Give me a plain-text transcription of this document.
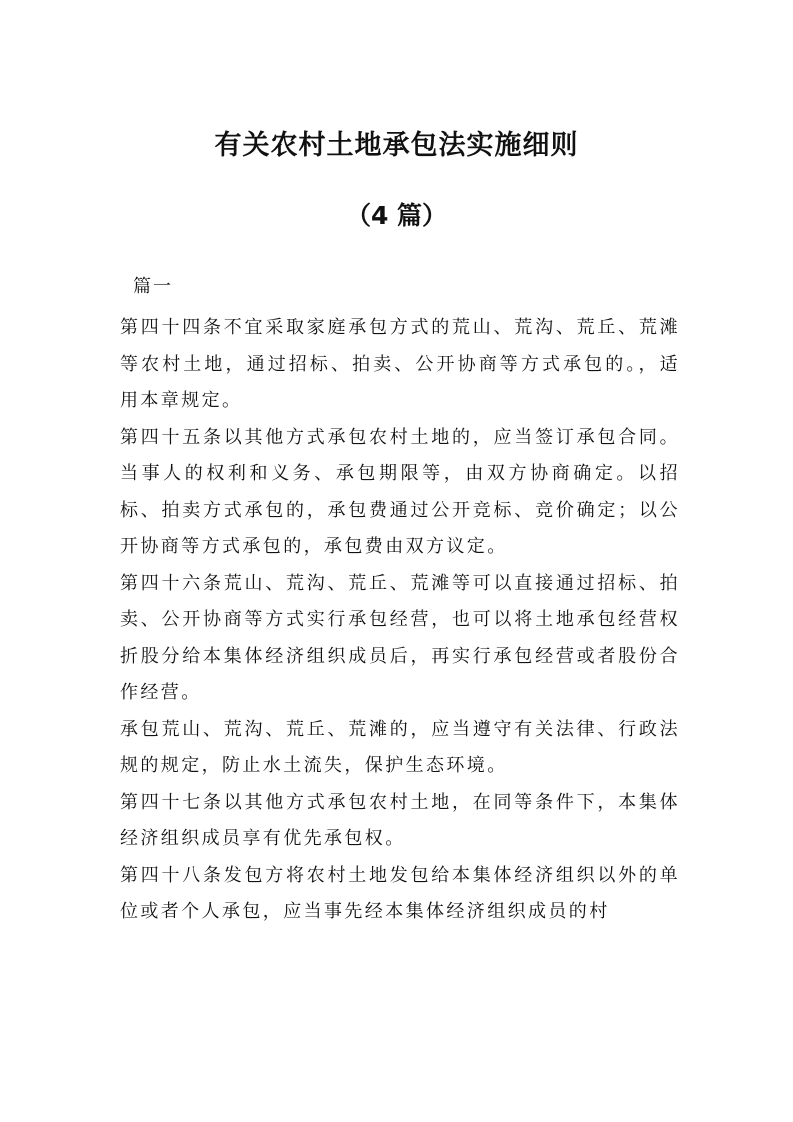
有关农村土地承包法实施细则
（4 篇）
篇一

第四十四条不宜采取家庭承包方式的荒山、荒沟、荒丘、荒滩等农村土地，通过招标、拍卖、公开协商等方式承包的。，适用本章规定。

第四十五条以其他方式承包农村土地的，应当签订承包合同。当事人的权利和义务、承包期限等，由双方协商确定。以招标、拍卖方式承包的，承包费通过公开竞标、竞价确定；以公开协商等方式承包的，承包费由双方议定。

第四十六条荒山、荒沟、荒丘、荒滩等可以直接通过招标、拍卖、公开协商等方式实行承包经营，也可以将土地承包经营权折股分给本集体经济组织成员后，再实行承包经营或者股份合作经营。

承包荒山、荒沟、荒丘、荒滩的，应当遵守有关法律、行政法规的规定，防止水土流失，保护生态环境。

第四十七条以其他方式承包农村土地，在同等条件下，本集体经济组织成员享有优先承包权。

第四十八条发包方将农村土地发包给本集体经济组织以外的单位或者个人承包，应当事先经本集体经济组织成员的村
